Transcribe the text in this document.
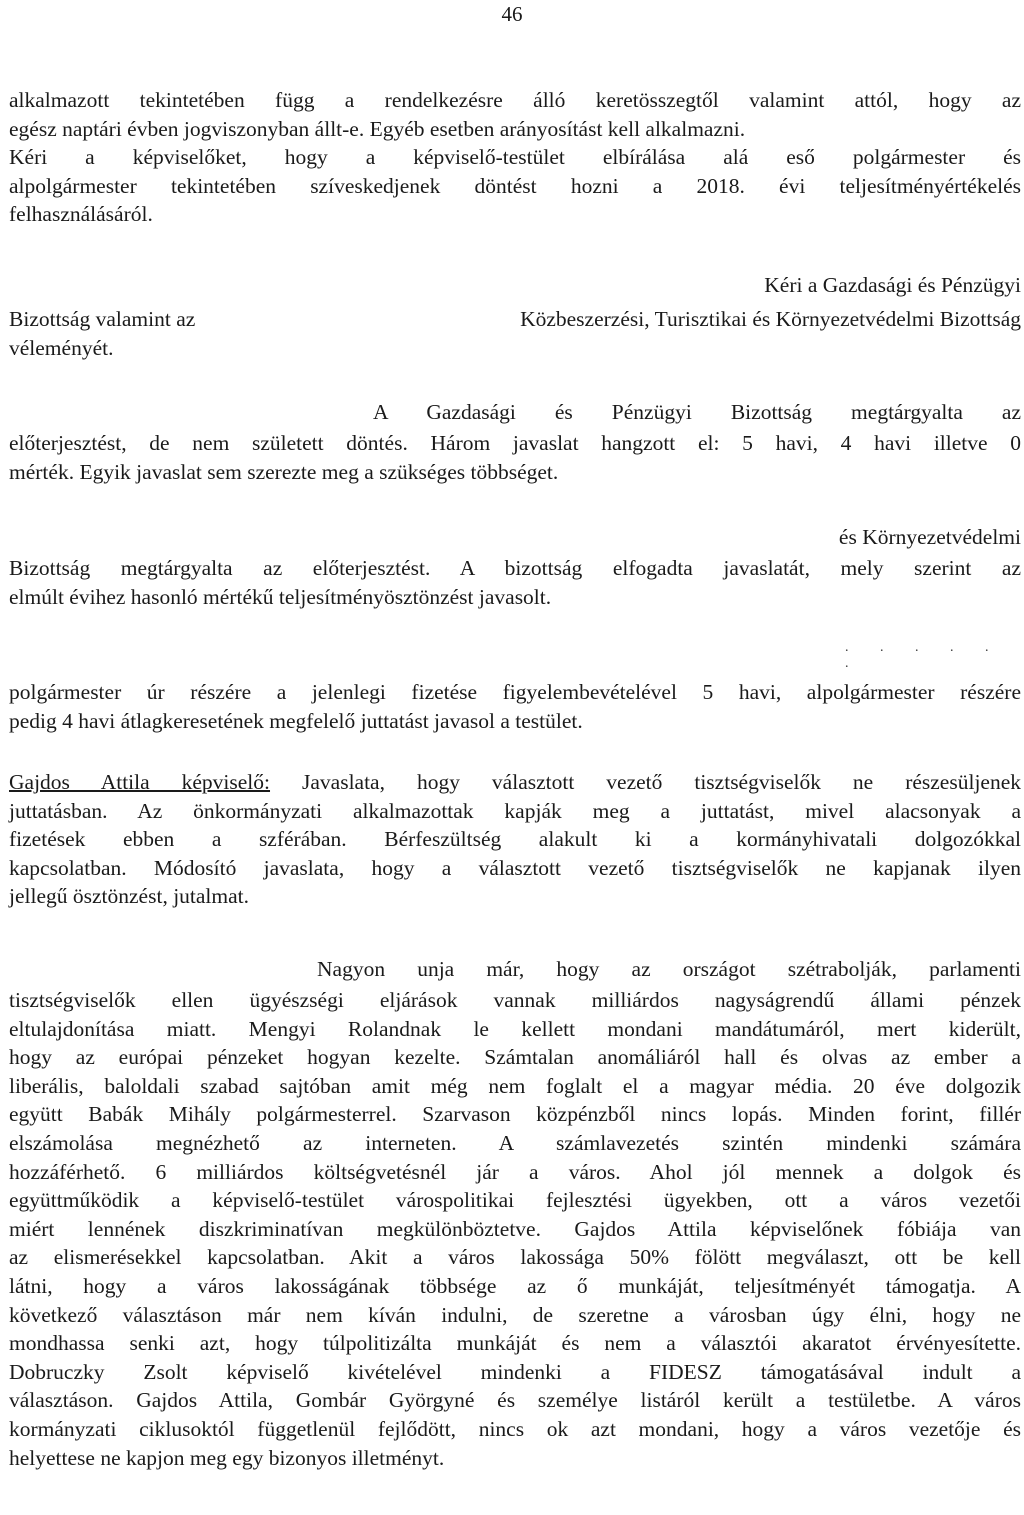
46
alkalmazott tekintetében függ a rendelkezésre álló keretösszegtől valamint attól, hogy az
egész naptári évben jogviszonyban állt-e. Egyéb esetben arányosítást kell alkalmazni.
Kéri a képviselőket, hogy a képviselő-testület elbírálása alá eső polgármester és
alpolgármester tekintetében szíveskedjenek döntést hozni a 2018. évi teljesítményértékelés
felhasználásáról.
Kéri a Gazdasági és Pénzügyi
Bizottság valamint az	Közbeszerzési, Turisztikai és Környezetvédelmi Bizottság
véleményét.
A Gazdasági és Pénzügyi Bizottság megtárgyalta az
előterjesztést, de nem született döntés. Három javaslat hangzott el: 5 havi, 4 havi illetve 0
mérték. Egyik javaslat sem szerezte meg a szükséges többséget.
és Környezetvédelmi
Bizottság megtárgyalta az előterjesztést. A bizottság elfogadta javaslatát, mely szerint az
elmúlt évihez hasonló mértékű teljesítményösztönzést javasolt.
. . . . . .
polgármester úr részére a jelenlegi fizetése figyelembevételével 5 havi, alpolgármester részére
pedig 4 havi átlagkeresetének megfelelő juttatást javasol a testület.
Gajdos Attila képviselő: Javaslata, hogy választott vezető tisztségviselők ne részesüljenek
juttatásban. Az önkormányzati alkalmazottak kapják meg a juttatást, mivel alacsonyak a
fizetések ebben a szférában. Bérfeszültség alakult ki a kormányhivatali dolgozókkal
kapcsolatban. Módosító javaslata, hogy a választott vezető tisztségviselők ne kapjanak ilyen
jellegű ösztönzést, jutalmat.
Nagyon unja már, hogy az országot szétrabolják, parlamenti
tisztségviselők ellen ügyészségi eljárások vannak milliárdos nagyságrendű állami pénzek
eltulajdonítása miatt. Mengyi Rolandnak le kellett mondani mandátumáról, mert kiderült,
hogy az európai pénzeket hogyan kezelte. Számtalan anomáliáról hall és olvas az ember a
liberális, baloldali szabad sajtóban amit még nem foglalt el a magyar média. 20 éve dolgozik
együtt Babák Mihály polgármesterrel. Szarvason közpénzből nincs lopás. Minden forint, fillér
elszámolása megnézhető az interneten. A számlavezetés szintén mindenki számára
hozzáférhető. 6 milliárdos költségvetésnél jár a város. Ahol jól mennek a dolgok és
együttműködik a képviselő-testület várospolitikai fejlesztési ügyekben, ott a város vezetői
miért lennének diszkriminatívan megkülönböztetve. Gajdos Attila képviselőnek fóbiája van
az elismerésekkel kapcsolatban. Akit a város lakossága 50% fölött megválaszt, ott be kell
látni, hogy a város lakosságának többsége az ő munkáját, teljesítményét támogatja. A
következő választáson már nem kíván indulni, de szeretne a városban úgy élni, hogy ne
mondhassa senki azt, hogy túlpolitizálta munkáját és nem a választói akaratot érvényesítette.
Dobruczky Zsolt képviselő kivételével mindenki a FIDESZ támogatásával indult a
választáson. Gajdos Attila, Gombár Györgyné és személye listáról került a testületbe. A város
kormányzati ciklusoktól függetlenül fejlődött, nincs ok azt mondani, hogy a város vezetője és
helyettese ne kapjon meg egy bizonyos illetményt.
